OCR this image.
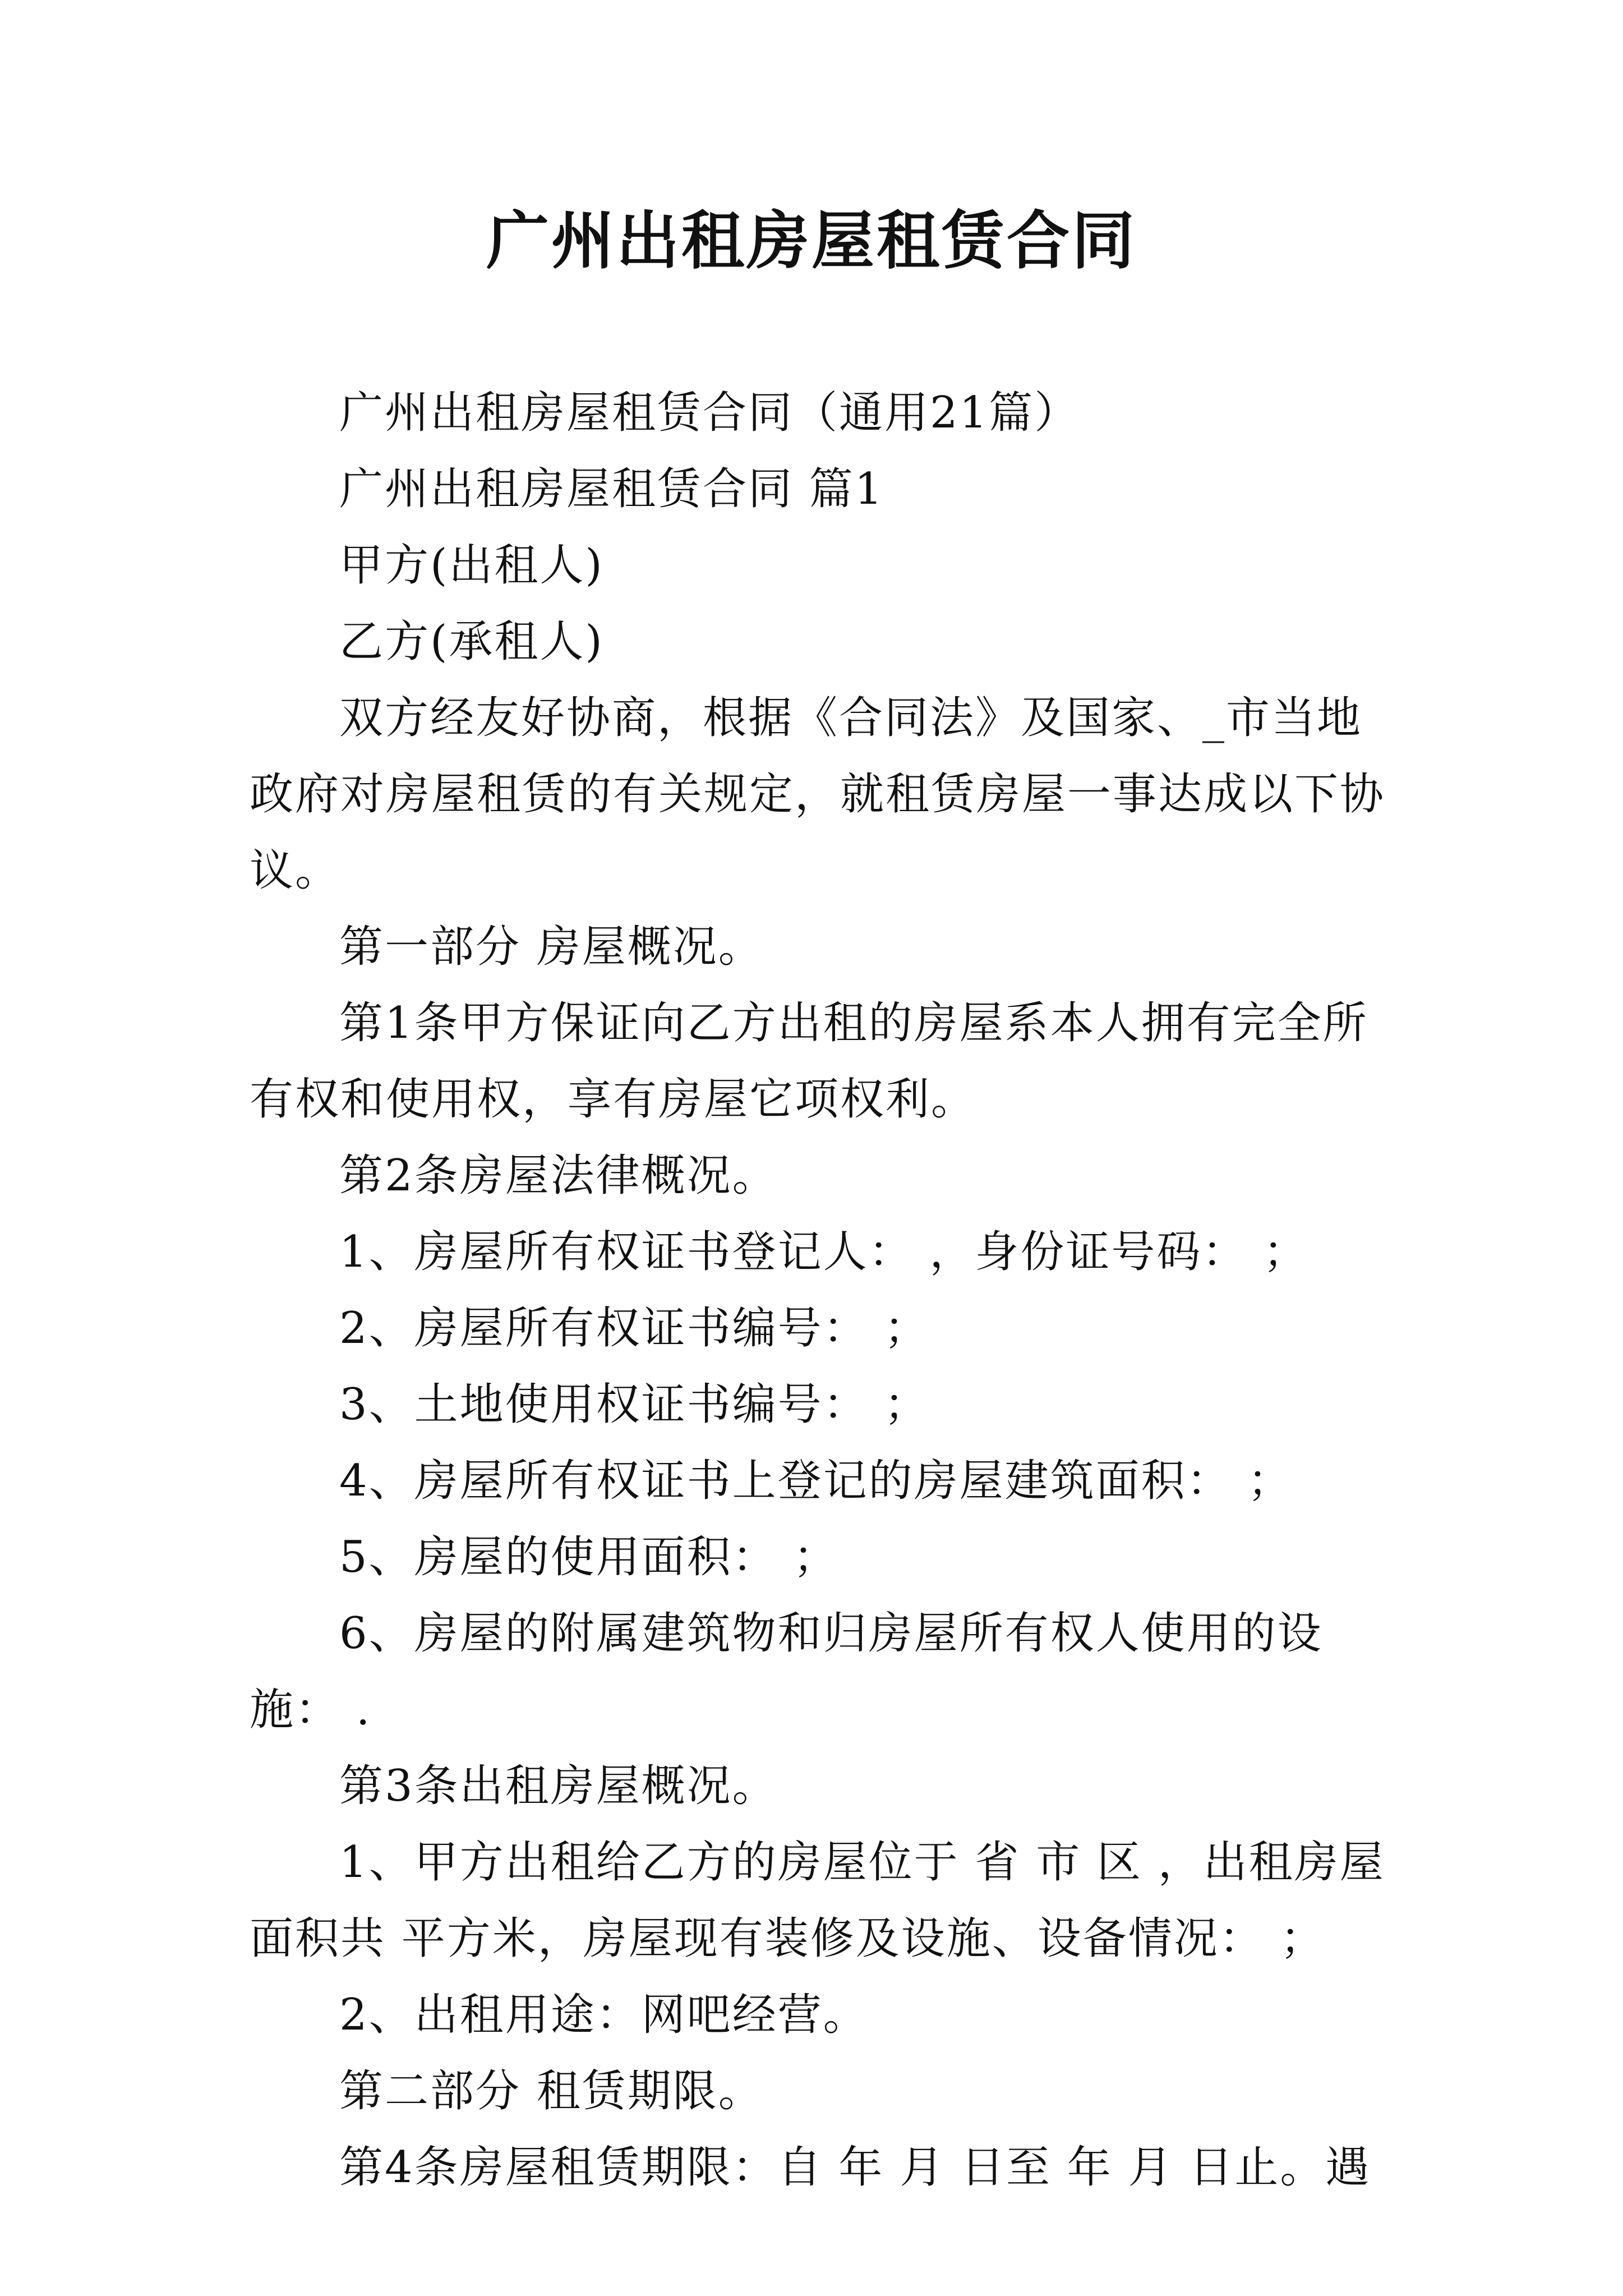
广州出租房屋租赁合同

广州出租房屋租赁合同（通用21篇）

广州出租房屋租赁合同 篇1

甲方(出租人)

乙方(承租人)

双方经友好协商，根据《合同法》及国家、_市当地政府对房屋租赁的有关规定，就租赁房屋一事达成以下协议。

第一部分 房屋概况。

第1条甲方保证向乙方出租的房屋系本人拥有完全所有权和使用权，享有房屋它项权利。

第2条房屋法律概况。

1、房屋所有权证书登记人： ，身份证号码： ；

2、房屋所有权证书编号： ；

3、土地使用权证书编号： ；

4、房屋所有权证书上登记的房屋建筑面积： ；

5、房屋的使用面积： ；

6、房屋的附属建筑物和归房屋所有权人使用的设施： .

第3条出租房屋概况。

1、甲方出租给乙方的房屋位于 省 市 区 ，出租房屋面积共 平方米，房屋现有装修及设施、设备情况： ；

2、出租用途：网吧经营。

第二部分 租赁期限。

第4条房屋租赁期限：自 年 月 日至 年 月 日止。遇
